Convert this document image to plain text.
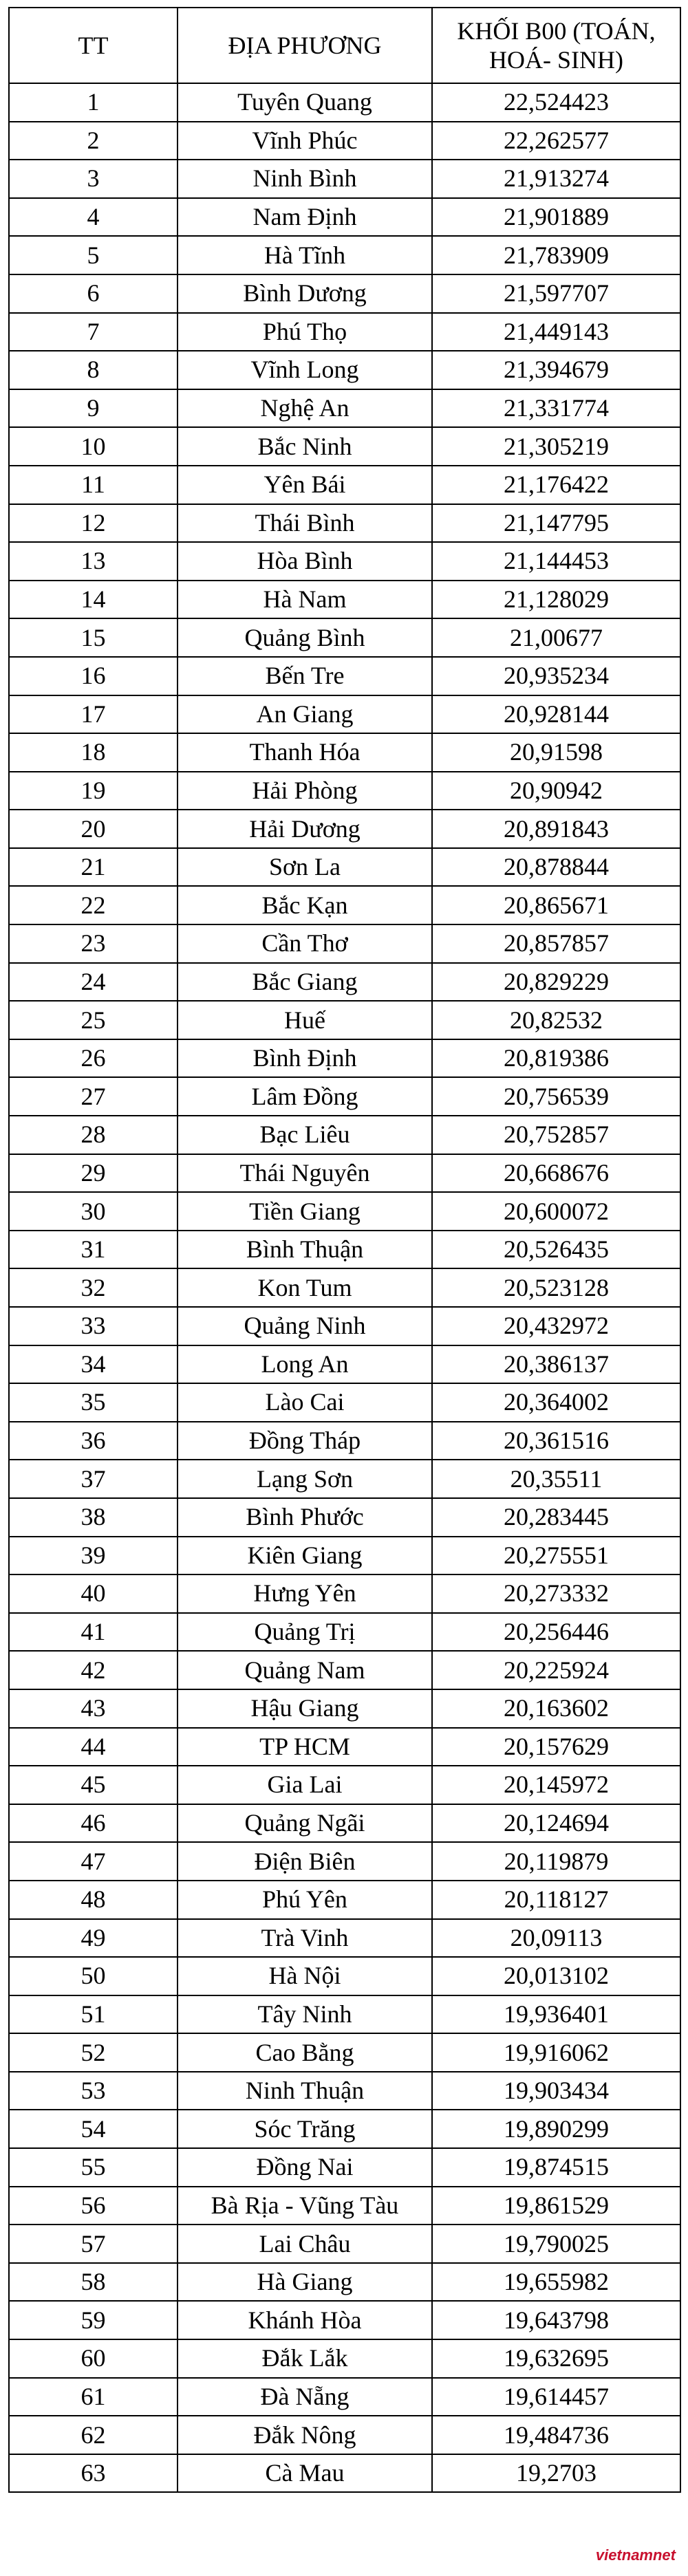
TT	ĐỊA PHƯƠNG	KHỐI B00 (TOÁN,
HOÁ- SINH)

1	Tuyên Quang	22,524423
2	Vĩnh Phúc	22,262577
3	Ninh Bình	21,913274
4	Nam Định	21,901889
5	Hà Tĩnh	21,783909
6	Bình Dương	21,597707
7	Phú Thọ	21,449143
8	Vĩnh Long	21,394679
9	Nghệ An	21,331774
10	Bắc Ninh	21,305219
11	Yên Bái	21,176422
12	Thái Bình	21,147795
13	Hòa Bình	21,144453
14	Hà Nam	21,128029
15	Quảng Bình	21,00677
16	Bến Tre	20,935234
17	An Giang	20,928144
18	Thanh Hóa	20,91598
19	Hải Phòng	20,90942
20	Hải Dương	20,891843
21	Sơn La	20,878844
22	Bắc Kạn	20,865671
23	Cần Thơ	20,857857
24	Bắc Giang	20,829229
25	Huế	20,82532
26	Bình Định	20,819386
27	Lâm Đồng	20,756539
28	Bạc Liêu	20,752857
29	Thái Nguyên	20,668676
30	Tiền Giang	20,600072
31	Bình Thuận	20,526435
32	Kon Tum	20,523128
33	Quảng Ninh	20,432972
34	Long An	20,386137
35	Lào Cai	20,364002
36	Đồng Tháp	20,361516
37	Lạng Sơn	20,35511
38	Bình Phước	20,283445
39	Kiên Giang	20,275551
40	Hưng Yên	20,273332
41	Quảng Trị	20,256446
42	Quảng Nam	20,225924
43	Hậu Giang	20,163602
44	TP HCM	20,157629
45	Gia Lai	20,145972
46	Quảng Ngãi	20,124694
47	Điện Biên	20,119879
48	Phú Yên	20,118127
49	Trà Vinh	20,09113
50	Hà Nội	20,013102
51	Tây Ninh	19,936401
52	Cao Bằng	19,916062
53	Ninh Thuận	19,903434
54	Sóc Trăng	19,890299
55	Đồng Nai	19,874515
56	Bà Rịa - Vũng Tàu	19,861529
57	Lai Châu	19,790025
58	Hà Giang	19,655982
59	Khánh Hòa	19,643798
60	Đắk Lắk	19,632695
61	Đà Nẵng	19,614457
62	Đắk Nông	19,484736
63	Cà Mau	19,2703
vietnamnet
